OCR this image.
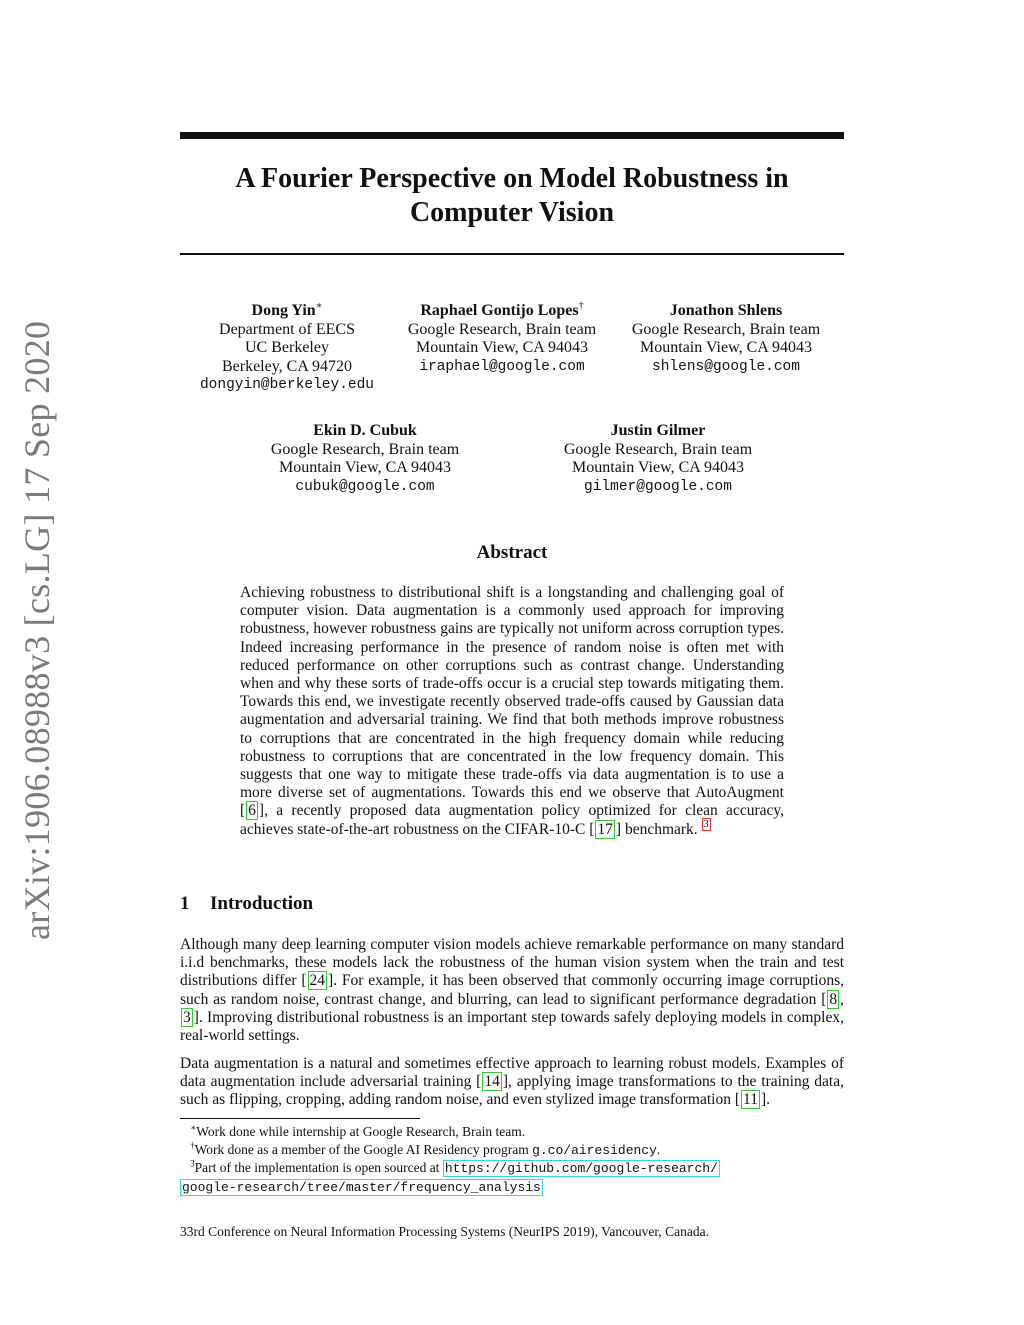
arXiv:1906.08988v3 [cs.LG] 17 Sep 2020
A Fourier Perspective on Model Robustness in Computer Vision
Dong Yin∗
Department of EECS
UC Berkeley
Berkeley, CA 94720
dongyin@berkeley.edu
Raphael Gontijo Lopes†
Google Research, Brain team
Mountain View, CA 94043
iraphael@google.com
Jonathon Shlens
Google Research, Brain team
Mountain View, CA 94043
shlens@google.com
Ekin D. Cubuk
Google Research, Brain team
Mountain View, CA 94043
cubuk@google.com
Justin Gilmer
Google Research, Brain team
Mountain View, CA 94043
gilmer@google.com
Abstract

Achieving robustness to distributional shift is a longstanding and challenging goal of computer vision. Data augmentation is a commonly used approach for improving robustness, however robustness gains are typically not uniform across corruption types. Indeed increasing performance in the presence of random noise is often met with reduced performance on other corruptions such as contrast change. Understanding when and why these sorts of trade-offs occur is a crucial step towards mitigating them. Towards this end, we investigate recently observed trade-offs caused by Gaussian data augmentation and adversarial training. We find that both methods improve robustness to corruptions that are concentrated in the high frequency domain while reducing robustness to corruptions that are concentrated in the low frequency domain. This suggests that one way to mitigate these trade-offs via data augmentation is to use a more diverse set of augmentations. Towards this end we observe that AutoAugment [ 6 ], a recently proposed data augmentation policy optimized for clean accuracy, achieves state-of-the-art robustness on the CIFAR-10-C [ 17 ] benchmark. $^3$

1 Introduction

Although many deep learning computer vision models achieve remarkable performance on many standard i.i.d benchmarks, these models lack the robustness of the human vision system when the train and test distributions differ [ 24 ]. For example, it has been observed that commonly occurring image corruptions, such as random noise, contrast change, and blurring, can lead to significant performance degradation [ 8 , 3 ]. Improving distributional robustness is an important step towards safely deploying models in complex, real-world settings.

Data augmentation is a natural and sometimes effective approach to learning robust models. Examples of data augmentation include adversarial training [ 14 ], applying image transformations to the training data, such as flipping, cropping, adding random noise, and even stylized image transformation [ 11 ].

∗Work done while internship at Google Research, Brain team.

†Work done as a member of the Google AI Residency program g.co/airesidency.

$^3$Part of the implementation is open sourced at https://github.com/google-research/
google-research/tree/master/frequency_analysis

33rd Conference on Neural Information Processing Systems (NeurIPS 2019), Vancouver, Canada.
